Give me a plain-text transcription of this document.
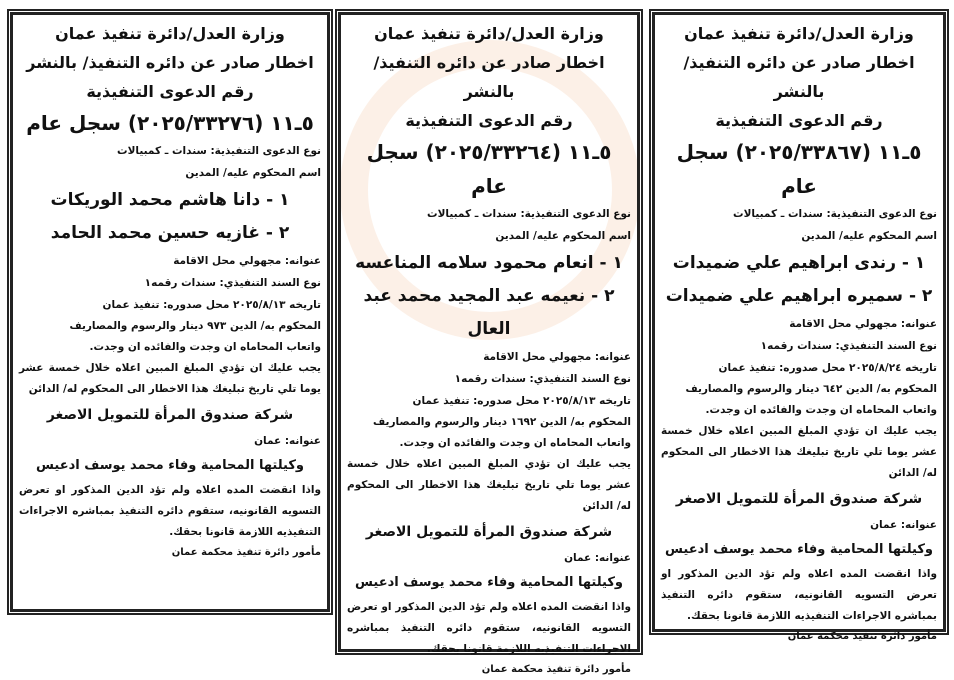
وزارة العدل/دائرة تنفيذ عمان
اخطار صادر عن دائره التنفيذ/ بالنشر
رقم الدعوى التنفيذية
٥ـ١١ (٢٠٢٥/٣٣٨٦٧) سجل عام
نوع الدعوى التنفيذية: سندات ـ كمبيالات
اسم المحكوم عليه/ المدين
١ - رندى ابراهيم علي ضميدات
٢ - سميره ابراهيم علي ضميدات
عنوانه: مجهولي محل الاقامة
نوع السند التنفيذي: سندات رقمه١
تاريخه ٢٠٢٥/٨/٢٤ محل صدوره: تنفيذ عمان
المحكوم به/ الدين ٦٤٢ دينار والرسوم والمصاريف
واتعاب المحاماه ان وجدت والفائده ان وجدت.
يجب عليك ان تؤدي المبلغ المبين اعلاه خلال خمسة عشر يوما تلي تاريخ تبليغك هذا الاخطار الى المحكوم له/ الدائن
شركة صندوق المرأة للتمويل الاصغر
عنوانه: عمان
وكيلتها المحامية وفاء محمد يوسف ادعيس
واذا انقضت المده اعلاه ولم تؤد الدين المذكور او تعرض التسويه القانونيه، ستقوم دائره التنفيذ بمباشره الاجراءات التنفيذيه اللازمة قانونا بحقك.
مأمور دائرة تنفيذ محكمة عمان
وزارة العدل/دائرة تنفيذ عمان
اخطار صادر عن دائره التنفيذ/ بالنشر
رقم الدعوى التنفيذية
٥ـ١١ (٢٠٢٥/٣٣٢٦٤) سجل عام
نوع الدعوى التنفيذية: سندات ـ كمبيالات
اسم المحكوم عليه/ المدين
١ - انعام محمود سلامه المناعسه
٢ - نعيمه عبد المجيد محمد عبد العال
عنوانه: مجهولي محل الاقامة
نوع السند التنفيذي: سندات رقمه١
تاريخه ٢٠٢٥/٨/١٣ محل صدوره: تنفيذ عمان
المحكوم به/ الدين ١٦٩٢ دينار والرسوم والمصاريف
واتعاب المحاماه ان وجدت والفائده ان وجدت.
يجب عليك ان تؤدي المبلغ المبين اعلاه خلال خمسة عشر يوما تلي تاريخ تبليغك هذا الاخطار الى المحكوم له/ الدائن
شركة صندوق المرأة للتمويل الاصغر
عنوانه: عمان
وكيلتها المحامية وفاء محمد يوسف ادعيس
واذا انقضت المده اعلاه ولم تؤد الدين المذكور او تعرض التسويه القانونيه، ستقوم دائره التنفيذ بمباشره الاجراءات التنفيذيه اللازمة قانونا بحقك.
مأمور دائرة تنفيذ محكمة عمان
وزارة العدل/دائرة تنفيذ عمان
اخطار صادر عن دائره التنفيذ/ بالنشر
رقم الدعوى التنفيذية
٥ـ١١ (٢٠٢٥/٣٣٢٧٦) سجل عام
نوع الدعوى التنفيذية: سندات ـ كمبيالات
اسم المحكوم عليه/ المدين
١ - دانا هاشم محمد الوريكات
٢ - غازيه حسين محمد الحامد
عنوانه: مجهولي محل الاقامة
نوع السند التنفيذي: سندات رقمه١
تاريخه ٢٠٢٥/٨/١٣ محل صدوره: تنفيذ عمان
المحكوم به/ الدين ٩٧٣ دينار والرسوم والمصاريف
واتعاب المحاماه ان وجدت والفائده ان وجدت.
يجب عليك ان تؤدي المبلغ المبين اعلاه خلال خمسة عشر يوما تلي تاريخ تبليغك هذا الاخطار الى المحكوم له/ الدائن
شركة صندوق المرأة للتمويل الاصغر
عنوانه: عمان
وكيلتها المحامية وفاء محمد يوسف ادعيس
واذا انقضت المده اعلاه ولم تؤد الدين المذكور او تعرض التسويه القانونيه، ستقوم دائره التنفيذ بمباشره الاجراءات التنفيذيه اللازمة قانونا بحقك.
مأمور دائرة تنفيذ محكمة عمان
